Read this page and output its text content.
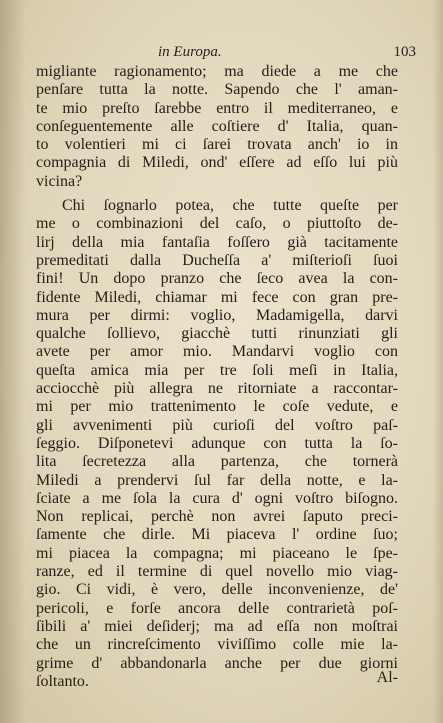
in Europa.	103
migliante ragionamento; ma diede a me che
penſare tutta la notte. Sapendo che l' aman-
te mio preſto ſarebbe entro il mediterraneo, e
conſeguentemente alle coſtiere d' Italia, quan-
to volentieri mi ci ſarei trovata anch' io in
compagnia di Miledi, ond' eſſere ad eſſo lui più
vicina?
Chi ſognarlo potea, che tutte queſte per
me o combinazioni del caſo, o piuttoſto de-
lirj della mia fantaſia foſſero già tacitamente
premeditati dalla Ducheſſa a' miſterioſi ſuoi
fini! Un dopo pranzo che ſeco avea la con-
fidente Miledi, chiamar mi fece con gran pre-
mura per dirmi: voglio, Madamigella, darvi
qualche ſollievo, giacchè tutti rinunziati gli
avete per amor mio. Mandarvi voglio con
queſta amica mia per tre ſoli meſi in Italia,
acciocchè più allegra ne ritorniate a raccontar-
mi per mio trattenimento le coſe vedute, e
gli avvenimenti più curioſi del voſtro paſ-
ſeggio. Diſponetevi adunque con tutta la ſo-
lita ſecretezza alla partenza, che tornerà
Miledi a prendervi ſul far della notte, e la-
ſciate a me ſola la cura d' ogni voſtro biſogno.
Non replicai, perchè non avrei ſaputo preci-
ſamente che dirle. Mi piaceva l' ordine ſuo;
mi piacea la compagna; mi piaceano le ſpe-
ranze, ed il termine di quel novello mio viag-
gio. Ci vidi, è vero, delle inconvenienze, de'
pericoli, e forſe ancora delle contrarietà poſ-
ſibili a' miei deſiderj; ma ad eſſa non moſtrai
che un rincreſcimento viviſſimo colle mie la-
grime d' abbandonarla anche per due giorni
ſoltanto.	Al-
